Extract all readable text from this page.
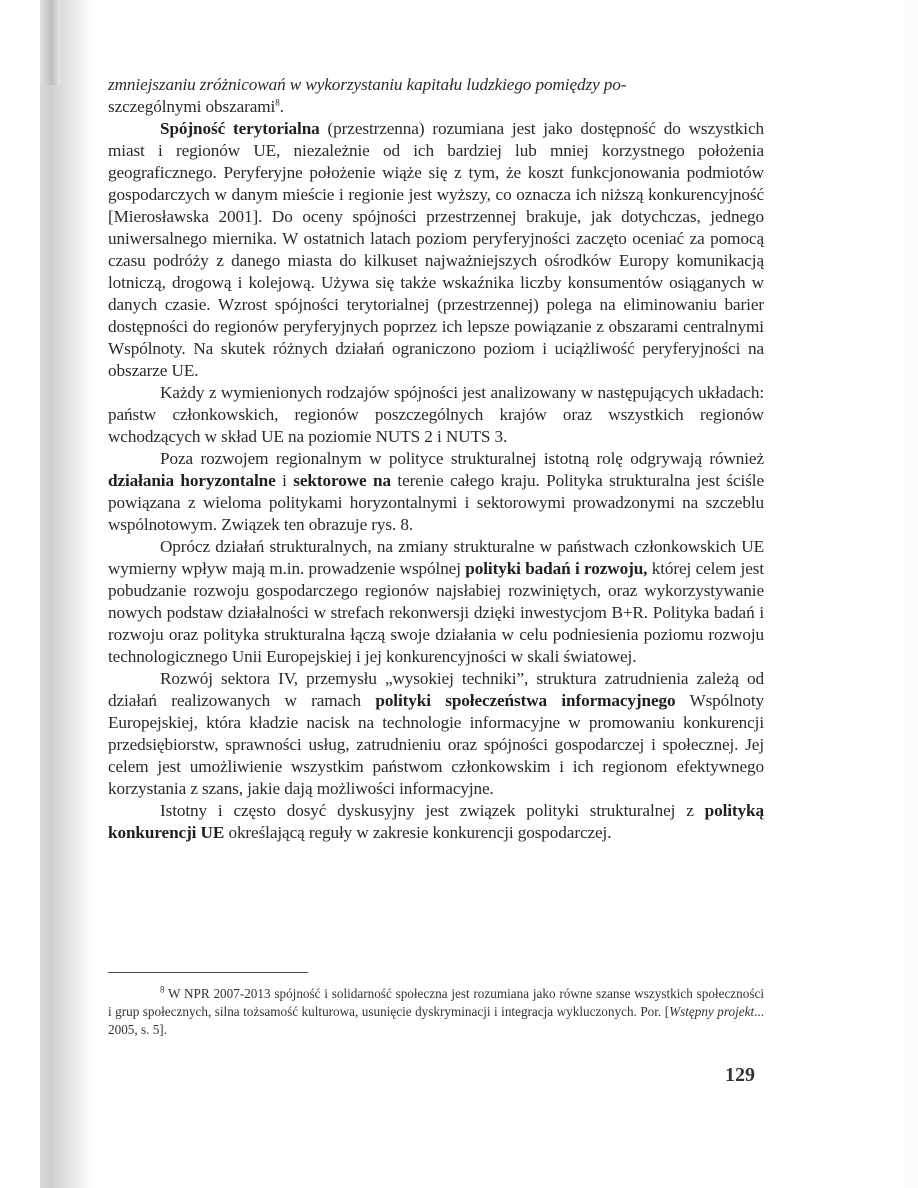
zmniejszaniu zróżnicowań w wykorzystaniu kapitału ludzkiego pomiędzy po-
szczególnymi obszarami$^8$.

Spójność terytorialna (przestrzenna) rozumiana jest jako dostępność do wszystkich miast i regionów UE, niezależnie od ich bardziej lub mniej korzystnego położenia geograficznego. Peryferyjne położenie wiąże się z tym, że koszt funkcjonowania podmiotów gospodarczych w danym mieście i regionie jest wyższy, co oznacza ich niższą konkurencyjność [Mierosławska 2001]. Do oceny spójności przestrzennej brakuje, jak dotychczas, jednego uniwersalnego miernika. W ostatnich latach poziom peryferyjności zaczęto oceniać za pomocą czasu podróży z danego miasta do kilkuset najważniejszych ośrodków Europy komunikacją lotniczą, drogową i kolejową. Używa się także wskaźnika liczby konsumentów osiąganych w danych czasie. Wzrost spójności terytorialnej (przestrzennej) polega na eliminowaniu barier dostępności do regionów peryferyjnych poprzez ich lepsze powiązanie z obszarami centralnymi Wspólnoty. Na skutek różnych działań ograniczono poziom i uciążliwość peryferyjności na obszarze UE.

Każdy z wymienionych rodzajów spójności jest analizowany w następujących układach: państw członkowskich, regionów poszczególnych krajów oraz wszystkich regionów wchodzących w skład UE na poziomie NUTS 2 i NUTS 3.

Poza rozwojem regionalnym w polityce strukturalnej istotną rolę odgrywają również działania horyzontalne i sektorowe na terenie całego kraju. Polityka strukturalna jest ściśle powiązana z wieloma politykami horyzontalnymi i sektorowymi prowadzonymi na szczeblu wspólnotowym. Związek ten obrazuje rys. 8.

Oprócz działań strukturalnych, na zmiany strukturalne w państwach członkowskich UE wymierny wpływ mają m.in. prowadzenie wspólnej polityki badań i rozwoju, której celem jest pobudzanie rozwoju gospodarczego regionów najsłabiej rozwiniętych, oraz wykorzystywanie nowych podstaw działalności w strefach rekonwersji dzięki inwestycjom B+R. Polityka badań i rozwoju oraz polityka strukturalna łączą swoje działania w celu podniesienia poziomu rozwoju technologicznego Unii Europejskiej i jej konkurencyjności w skali światowej.

Rozwój sektora IV, przemysłu „wysokiej techniki”, struktura zatrudnienia zależą od działań realizowanych w ramach polityki społeczeństwa informacyjnego Wspólnoty Europejskiej, która kładzie nacisk na technologie informacyjne w promowaniu konkurencji przedsiębiorstw, sprawności usług, zatrudnieniu oraz spójności gospodarczej i społecznej. Jej celem jest umożliwienie wszystkim państwom członkowskim i ich regionom efektywnego korzystania z szans, jakie dają możliwości informacyjne.

Istotny i często dosyć dyskusyjny jest związek polityki strukturalnej z polityką konkurencji UE określającą reguły w zakresie konkurencji gospodarczej.

$^8$ W NPR 2007-2013 spójność i solidarność społeczna jest rozumiana jako równe szanse wszystkich społeczności i grup społecznych, silna tożsamość kulturowa, usunięcie dyskryminacji i integracja wykluczonych. Por. [Wstępny projekt... 2005, s. 5].

129
